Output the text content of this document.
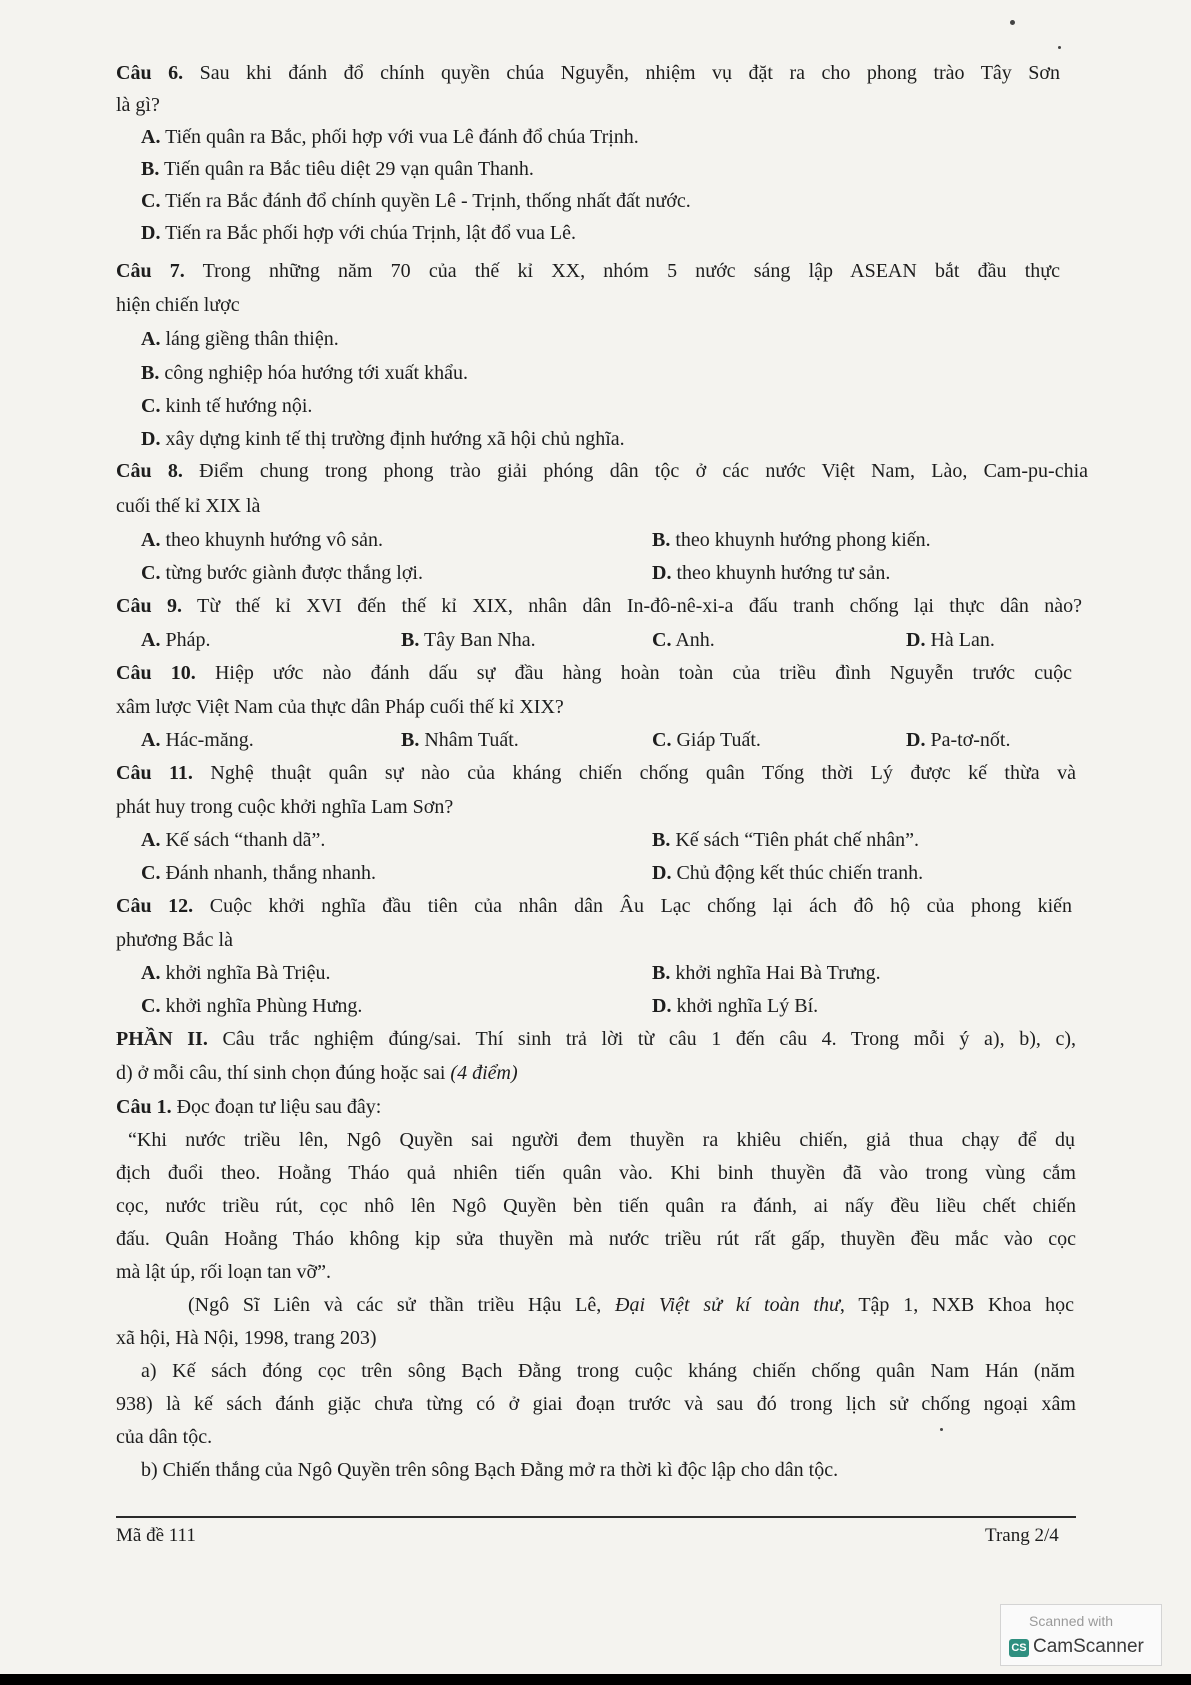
Câu 6. Sau khi đánh đổ chính quyền chúa Nguyễn, nhiệm vụ đặt ra cho phong trào Tây Sơn
là gì?
A. Tiến quân ra Bắc, phối hợp với vua Lê đánh đổ chúa Trịnh.
B. Tiến quân ra Bắc tiêu diệt 29 vạn quân Thanh.
C. Tiến ra Bắc đánh đổ chính quyền Lê - Trịnh, thống nhất đất nước.
D. Tiến ra Bắc phối hợp với chúa Trịnh, lật đổ vua Lê.
Câu 7. Trong những năm 70 của thế kỉ XX, nhóm 5 nước sáng lập ASEAN bắt đầu thực
hiện chiến lược
A. láng giềng thân thiện.
B. công nghiệp hóa hướng tới xuất khẩu.
C. kinh tế hướng nội.
D. xây dựng kinh tế thị trường định hướng xã hội chủ nghĩa.
Câu 8. Điểm chung trong phong trào giải phóng dân tộc ở các nước Việt Nam, Lào, Cam-pu-chia
cuối thế kỉ XIX là
A. theo khuynh hướng vô sản.	B. theo khuynh hướng phong kiến.
C. từng bước giành được thắng lợi.	D. theo khuynh hướng tư sản.
Câu 9. Từ thế kỉ XVI đến thế kỉ XIX, nhân dân In-đô-nê-xi-a đấu tranh chống lại thực dân nào?
A. Pháp.	B. Tây Ban Nha.	C. Anh.	D. Hà Lan.
Câu 10. Hiệp ước nào đánh dấu sự đầu hàng hoàn toàn của triều đình Nguyễn trước cuộc
xâm lược Việt Nam của thực dân Pháp cuối thế kỉ XIX?
A. Hác-măng.	B. Nhâm Tuất.	C. Giáp Tuất.	D. Pa-tơ-nốt.
Câu 11. Nghệ thuật quân sự nào của kháng chiến chống quân Tống thời Lý được kế thừa và
phát huy trong cuộc khởi nghĩa Lam Sơn?
A. Kế sách “thanh dã”.	B. Kế sách “Tiên phát chế nhân”.
C. Đánh nhanh, thắng nhanh.	D. Chủ động kết thúc chiến tranh.
Câu 12. Cuộc khởi nghĩa đầu tiên của nhân dân Âu Lạc chống lại ách đô hộ của phong kiến
phương Bắc là
A. khởi nghĩa Bà Triệu.	B. khởi nghĩa Hai Bà Trưng.
C. khởi nghĩa Phùng Hưng.	D. khởi nghĩa Lý Bí.
PHẦN II. Câu trắc nghiệm đúng/sai. Thí sinh trả lời từ câu 1 đến câu 4. Trong mỗi ý a), b), c),
d) ở mỗi câu, thí sinh chọn đúng hoặc sai (4 điểm)
Câu 1. Đọc đoạn tư liệu sau đây:
“Khi nước triều lên, Ngô Quyền sai người đem thuyền ra khiêu chiến, giả thua chạy để dụ
địch đuổi theo. Hoằng Tháo quả nhiên tiến quân vào. Khi binh thuyền đã vào trong vùng cắm
cọc, nước triều rút, cọc nhô lên Ngô Quyền bèn tiến quân ra đánh, ai nấy đều liều chết chiến
đấu. Quân Hoằng Tháo không kịp sửa thuyền mà nước triều rút rất gấp, thuyền đều mắc vào cọc
mà lật úp, rối loạn tan vỡ”.
(Ngô Sĩ Liên và các sử thần triều Hậu Lê, Đại Việt sử kí toàn thư, Tập 1, NXB Khoa học
xã hội, Hà Nội, 1998, trang 203)
a) Kế sách đóng cọc trên sông Bạch Đằng trong cuộc kháng chiến chống quân Nam Hán (năm
938) là kế sách đánh giặc chưa từng có ở giai đoạn trước và sau đó trong lịch sử chống ngoại xâm
của dân tộc.
b) Chiến thắng của Ngô Quyền trên sông Bạch Đằng mở ra thời kì độc lập cho dân tộc.
Mã đề 111	Trang 2/4
Scanned with
CS CamScanner
